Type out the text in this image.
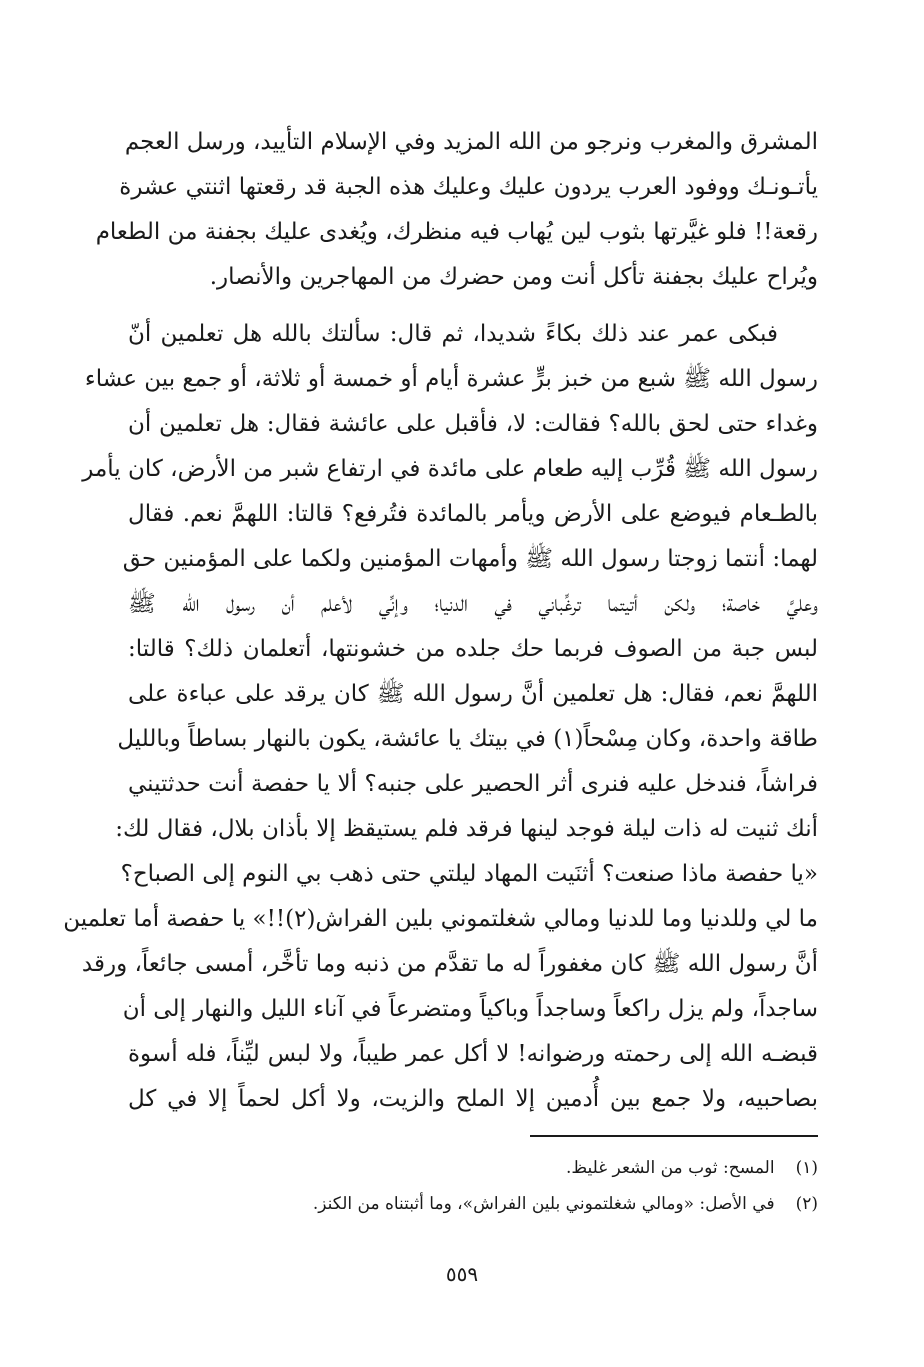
المشرق والمغرب ونرجو من الله المزيد وفي الإسلام التأييد، ورسل العجم
يأتـونـك ووفود العرب يردون عليك وعليك هذه الجبة قد رقعتها اثنتي عشرة
رقعة!! فلو غيَّرتها بثوب لين يُهاب فيه منظرك، ويُغدى عليك بجفنة من الطعام
ويُراح عليك بجفنة تأكل أنت ومن حضرك من المهاجرين والأنصار.

فبكى عمر عند ذلك بكاءً شديدا، ثم قال: سألتك بالله هل تعلمين أنّ
رسول الله ﷺ شبع من خبز برٍّ عشرة أيام أو خمسة أو ثلاثة، أو جمع بين عشاء
وغداء حتى لحق بالله؟ فقالت: لا، فأقبل على عائشة فقال: هل تعلمين أن
رسول الله ﷺ قُرِّب إليه طعام على مائدة في ارتفاع شبر من الأرض، كان يأمر
بالطـعام فيوضع على الأرض ويأمر بالمائدة فتُرفع؟ قالتا: اللهمَّ نعم. فقال
لهما: أنتما زوجتا رسول الله ﷺ وأمهات المؤمنين ولكما على المؤمنين حق
وعليَّ خاصة؛ ولكن أتيتما ترغِّباني في الدنيا؛ وإنِّي لأعلم أن رسول الله ﷺ
لبس جبة من الصوف فربما حك جلده من خشونتها، أتعلمان ذلك؟ قالتا:
اللهمَّ نعم، فقال: هل تعلمين أنَّ رسول الله ﷺ كان يرقد على عباءة على
طاقة واحدة، وكان مِسْحاً(١) في بيتك يا عائشة، يكون بالنهار بساطاً وبالليل
فراشاً، فندخل عليه فنرى أثر الحصير على جنبه؟ ألا يا حفصة أنت حدثتيني
أنك ثنيت له ذات ليلة فوجد لينها فرقد فلم يستيقظ إلا بأذان بلال، فقال لك:
«يا حفصة ماذا صنعت؟ أثنَيت المهاد ليلتي حتى ذهب بي النوم إلى الصباح؟
ما لي وللدنيا وما للدنيا ومالي شغلتموني بلين الفراش(٢)!!» يا حفصة أما تعلمين
أنَّ رسول الله ﷺ كان مغفوراً له ما تقدَّم من ذنبه وما تأخَّر، أمسى جائعاً، ورقد
ساجداً، ولم يزل راكعاً وساجداً وباكياً ومتضرعاً في آناء الليل والنهار إلى أن
قبضـه الله إلى رحمته ورضوانه! لا أكل عمر طيباً، ولا لبس ليِّناً، فله أسوة
بصاحبيه، ولا جمع بين أُدمين إلا الملح والزيت، ولا أكل لحماً إلا في كل

(١) المسح: ثوب من الشعر غليظ.
(٢) في الأصل: «ومالي شغلتموني بلين الفراش»، وما أثبتناه من الكنز.
٥٥٩
